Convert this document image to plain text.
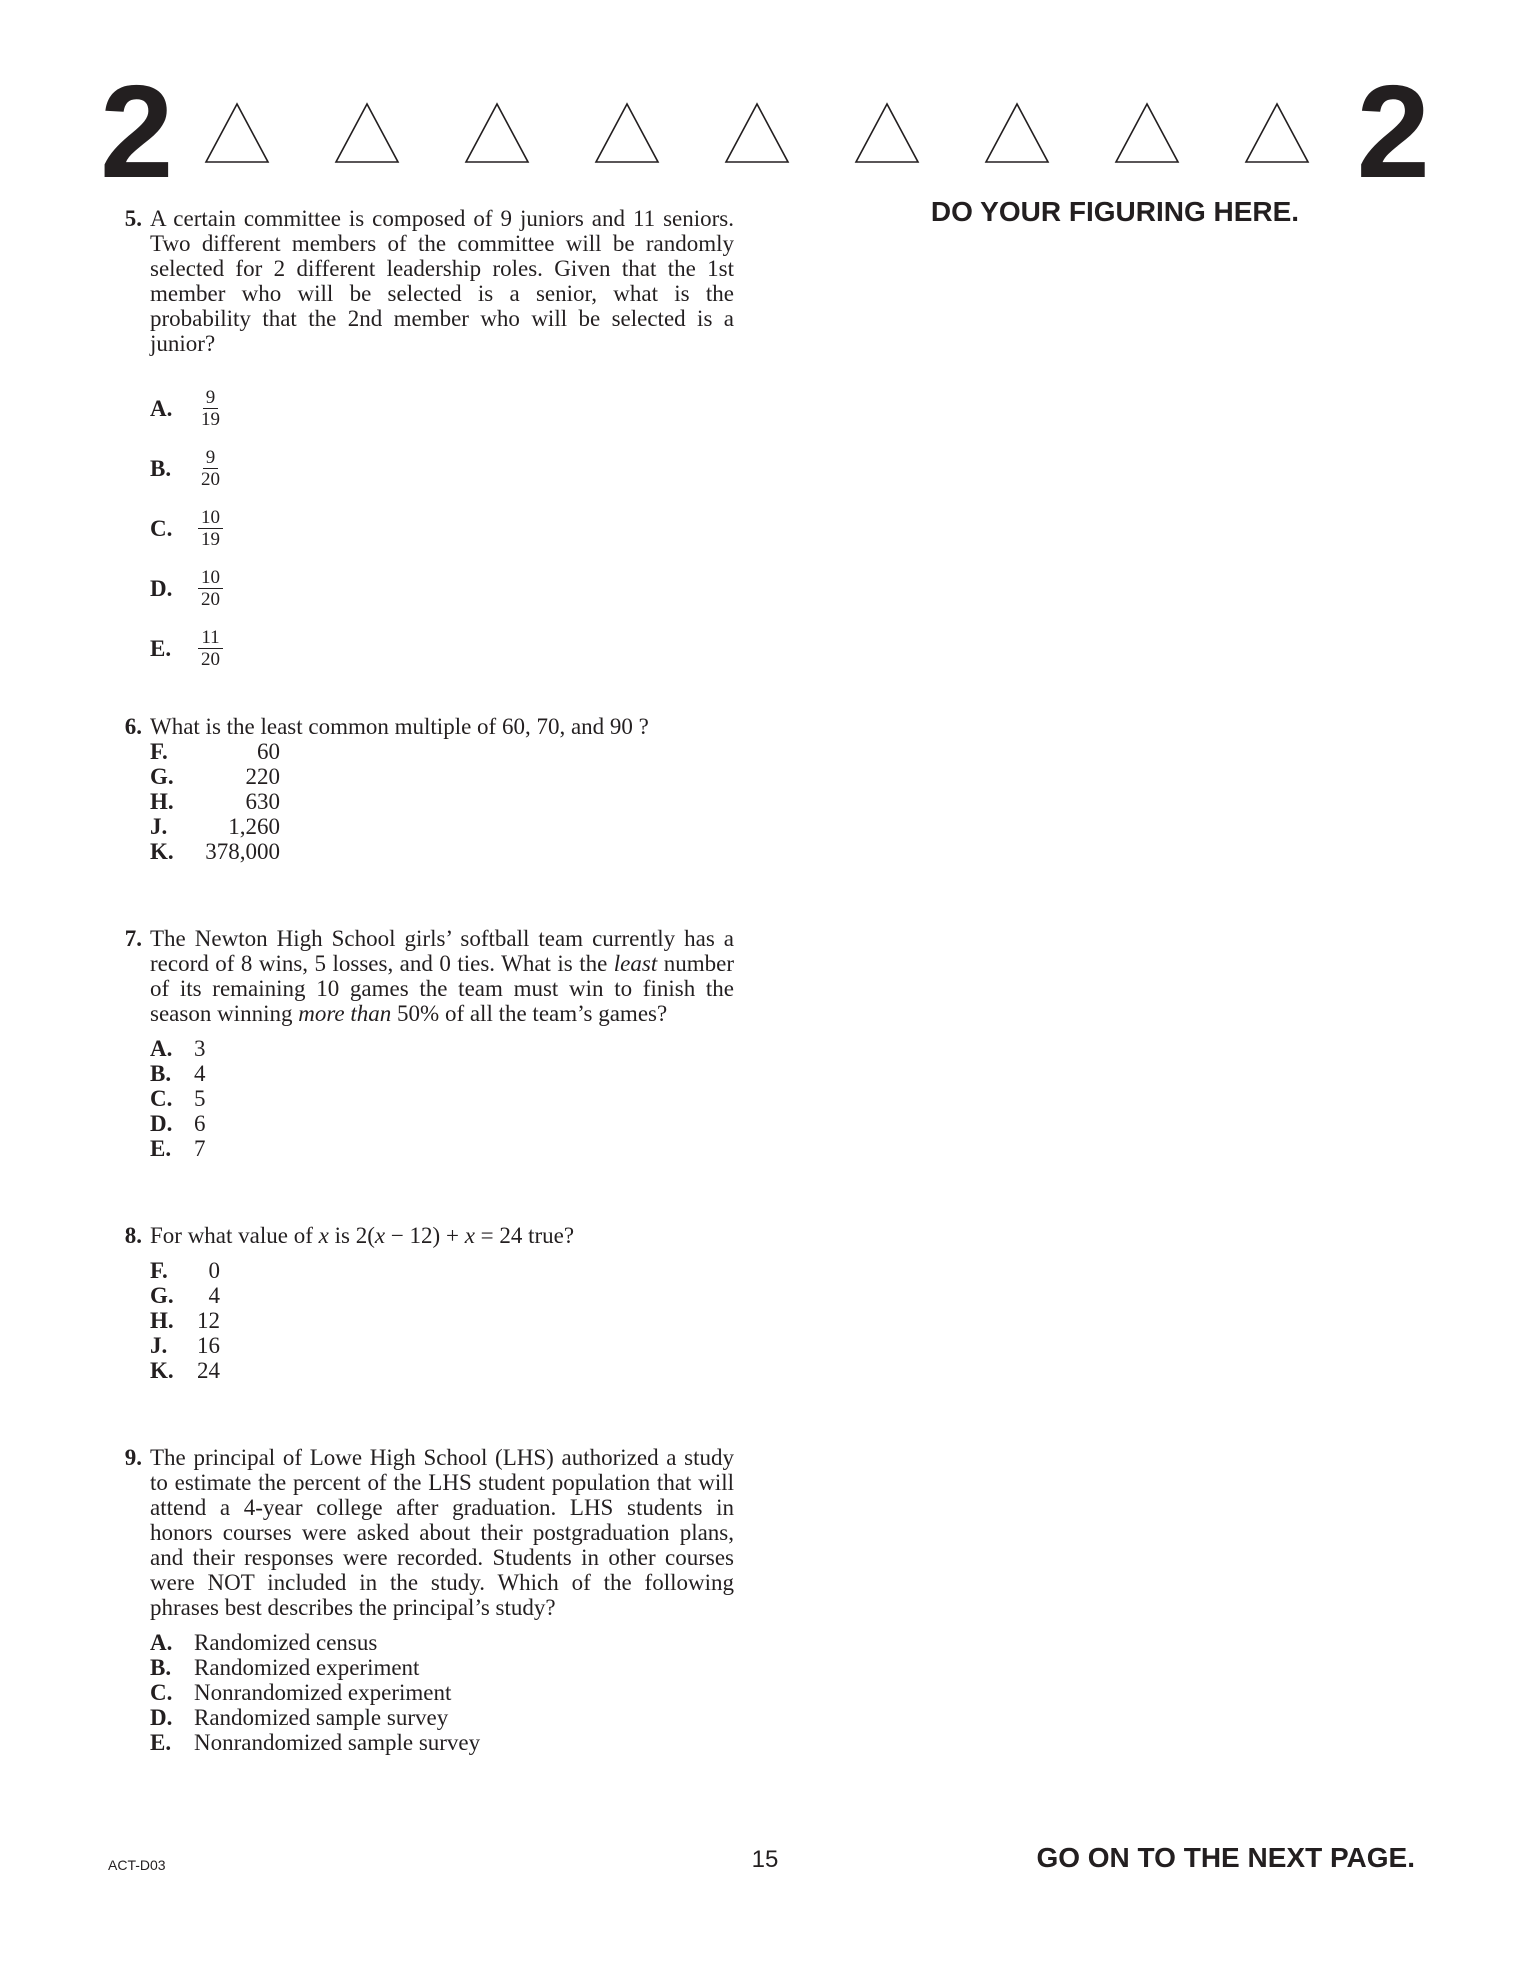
2	2
DO YOUR FIGURING HERE.
5. A certain committee is composed of 9 juniors and 11 seniors. Two different members of the committee will be randomly selected for 2 different leadership roles. Given that the 1st member who will be selected is a senior, what is the probability that the 2nd member who will be selected is a junior?
A.	$\frac{9}{19}$
B.	$\frac{9}{20}$
C.	$\frac{10}{19}$
D.	$\frac{10}{20}$
E.	$\frac{11}{20}$
6. What is the least common multiple of 60, 70, and 90 ?
F.	60
G.	220
H.	630
J.	1,260
K.	378,000
7. The Newton High School girls’ softball team currently has a record of 8 wins, 5 losses, and 0 ties. What is the least number of its remaining 10 games the team must win to finish the season winning more than 50% of all the team’s games?
A. 3
B. 4
C. 5
D. 6
E. 7
8. For what value of x is 2(x − 12) + x = 24 true?
F.	0
G.	4
H.	12
J.	16
K.	24
9. The principal of Lowe High School (LHS) authorized a study to estimate the percent of the LHS student population that will attend a 4-year college after graduation. LHS students in honors courses were asked about their postgraduation plans, and their responses were recorded. Students in other courses were NOT included in the study. Which of the following phrases best describes the principal’s study?
A. Randomized census
B. Randomized experiment
C. Nonrandomized experiment
D. Randomized sample survey
E. Nonrandomized sample survey
ACT-D03	15	GO ON TO THE NEXT PAGE.
